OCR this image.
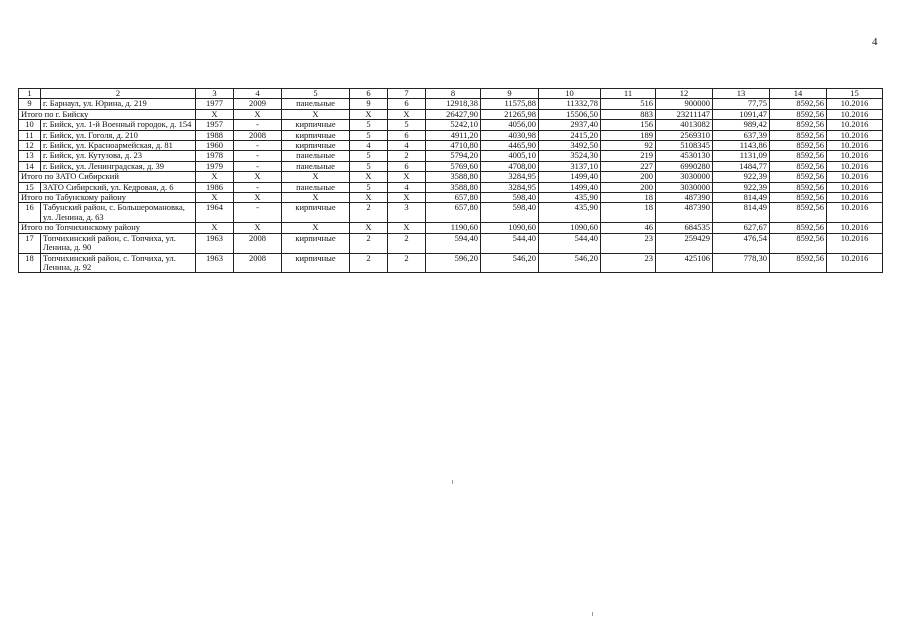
4
1	2	3	4	5	6	7	8	9	10	11	12	13	14	15
9	г. Барнаул, ул. Юрина, д. 219	1977	2009	панельные	9	6	12918,38	11575,88	11332,78	516	900000	77,75	8592,56	10.2016
Итого по г. Бийску		X	X	X	X	X	26427,90	21265,98	15506,50	883	23211147	1091,47	8592,56	10.2016
10	г. Бийск, ул. 1-й Военный городок, д. 154	1957	-	кирпичные	5	5	5242,10	4056,00	2937,40	156	4013082	989,42	8592,56	10.2016
11	г. Бийск, ул. Гоголя, д. 210	1988	2008	кирпичные	5	6	4911,20	4030,98	2415,20	189	2569310	637,39	8592,56	10.2016
12	г. Бийск, ул. Красноармейская, д. 81	1960	-	кирпичные	4	4	4710,80	4465,90	3492,50	92	5108345	1143,86	8592,56	10.2016
13	г. Бийск, ул. Кутузова, д. 23	1978	-	панельные	5	2	5794,20	4005,10	3524,30	219	4530130	1131,09	8592,56	10.2016
14	г. Бийск, ул. Ленинградская, д. 39	1979	-	панельные	5	6	5769,60	4708,00	3137,10	227	6990280	1484,77	8592,56	10.2016
Итого по ЗАТО Сибирский		X	X	X	X	X	3588,80	3284,95	1499,40	200	3030000	922,39	8592,56	10.2016
15	ЗАТО Сибирский, ул. Кедровая, д. 6	1986	-	панельные	5	4	3588,80	3284,95	1499,40	200	3030000	922,39	8592,56	10.2016
Итого по Табунскому району		X	X	X	X	X	657,80	598,40	435,90	18	487390	814,49	8592,56	10.2016
16	Табунский район, с. Большеромановка, ул. Ленина, д. 63	1964	-	кирпичные	2	3	657,80	598,40	435,90	18	487390	814,49	8592,56	10.2016
Итого по Топчихинскому району		X	X	X	X	X	1190,60	1090,60	1090,60	46	684535	627,67	8592,56	10.2016
17	Топчихинский район, с. Топчиха, ул. Ленина, д. 90	1963	2008	кирпичные	2	2	594,40	544,40	544,40	23	259429	476,54	8592,56	10.2016
18	Топчихинский район, с. Топчиха, ул. Ленина, д. 92	1963	2008	кирпичные	2	2	596,20	546,20	546,20	23	425106	778,30	8592,56	10.2016
